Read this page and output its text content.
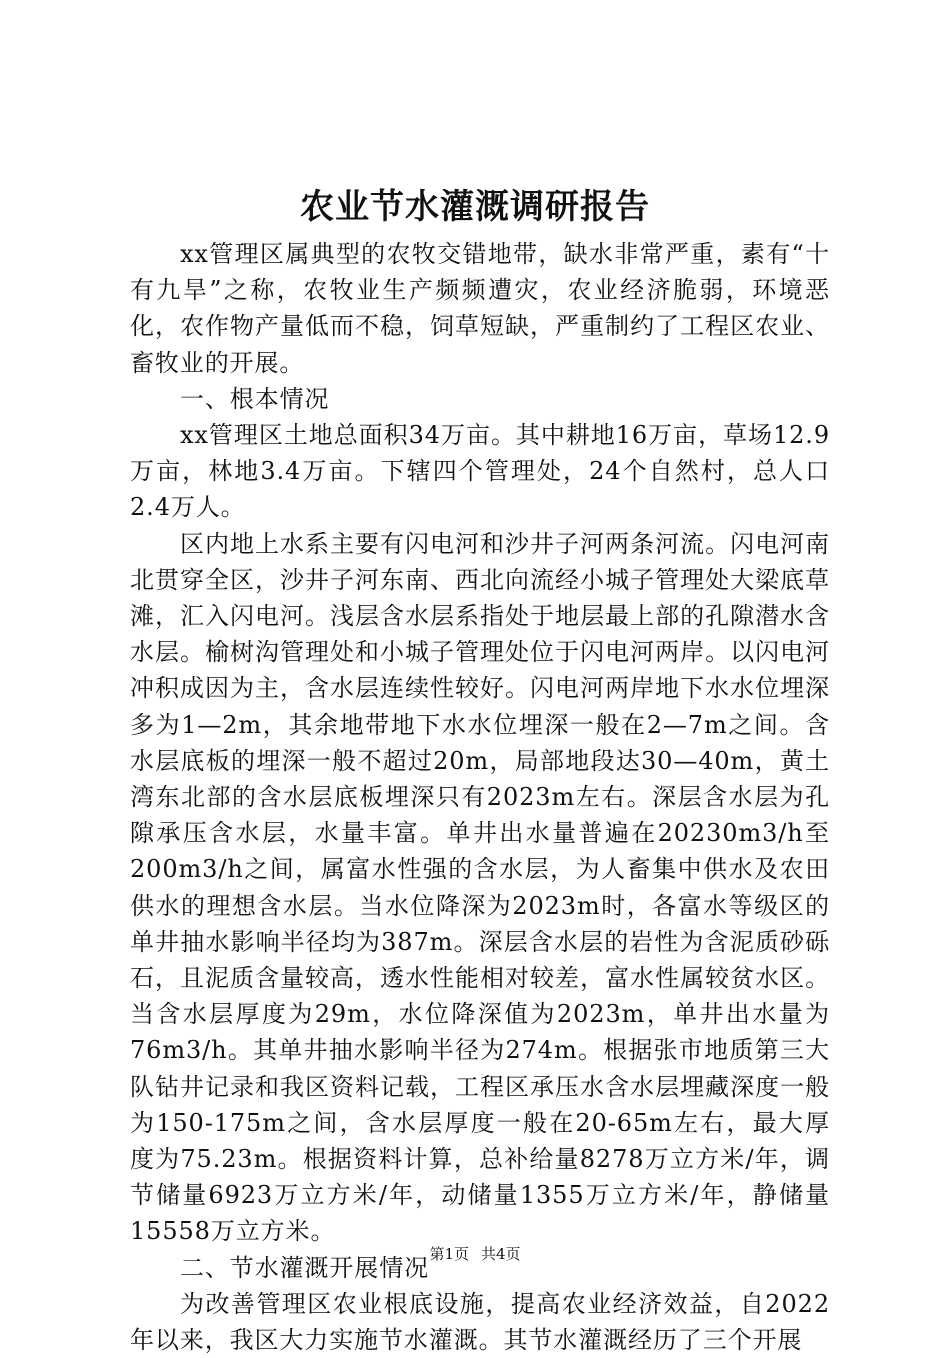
农业节水灌溉调研报告

xx管理区属典型的农牧交错地带，缺水非常严重，素有“十有九旱”之称，农牧业生产频频遭灾，农业经济脆弱，环境恶化，农作物产量低而不稳，饲草短缺，严重制约了工程区农业、畜牧业的开展。

一、根本情况

xx管理区土地总面积34万亩。其中耕地16万亩，草场12.9万亩，林地3.4万亩。下辖四个管理处，24个自然村，总人口2.4万人。

区内地上水系主要有闪电河和沙井子河两条河流。闪电河南北贯穿全区，沙井子河东南、西北向流经小城子管理处大梁底草滩，汇入闪电河。浅层含水层系指处于地层最上部的孔隙潜水含水层。榆树沟管理处和小城子管理处位于闪电河两岸。以闪电河冲积成因为主，含水层连续性较好。闪电河两岸地下水水位埋深多为1—2m，其余地带地下水水位埋深一般在2—7m之间。含水层底板的埋深一般不超过20m，局部地段达30—40m，黄土湾东北部的含水层底板埋深只有2023m左右。深层含水层为孔隙承压含水层，水量丰富。单井出水量普遍在20230m3/h至200m3/h之间，属富水性强的含水层，为人畜集中供水及农田供水的理想含水层。当水位降深为2023m时，各富水等级区的单井抽水影响半径均为387m。深层含水层的岩性为含泥质砂砾石，且泥质含量较高，透水性能相对较差，富水性属较贫水区。当含水层厚度为29m，水位降深值为2023m，单井出水量为76m3/h。其单井抽水影响半径为274m。根据张市地质第三大队钻井记录和我区资料记载，工程区承压水含水层埋藏深度一般为150-175m之间，含水层厚度一般在20-65m左右，最大厚度为75.23m。根据资料计算，总补给量8278万立方米/年，调节储量6923万立方米/年，动储量1355万立方米/年，静储量15558万立方米。

二、节水灌溉开展情况

为改善管理区农业根底设施，提高农业经济效益，自2022年以来，我区大力实施节水灌溉。其节水灌溉经历了三个开展

第1页 共4页
